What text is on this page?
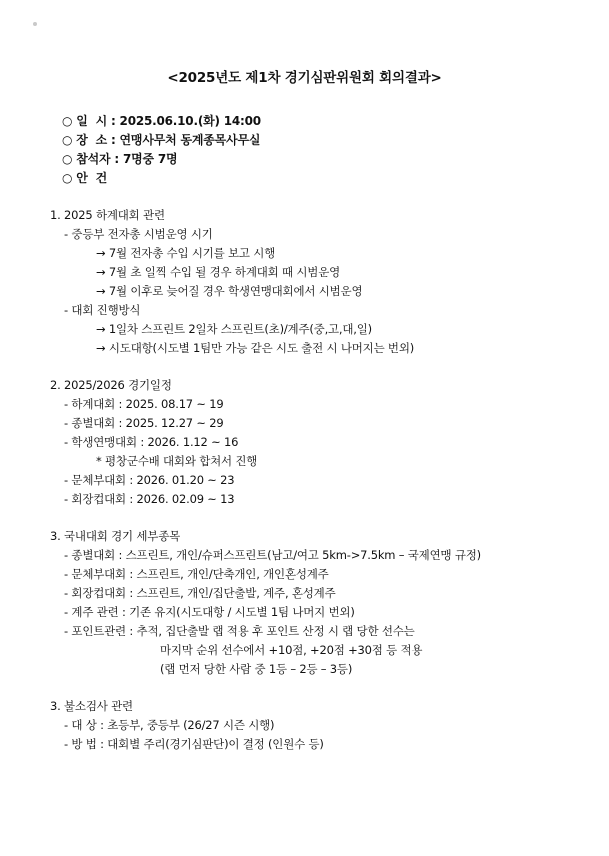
<2025년도 제1차 경기심판위원회 회의결과>
○ 일  시 : 2025.06.10.(화) 14:00
○ 장  소 : 연맹사무처 동계종목사무실
○ 참석자 : 7명중 7명
○ 안  건
1. 2025 하계대회 관련
- 중등부 전자총 시범운영 시기
→ 7월 전자총 수입 시기를 보고 시행
→ 7월 초 일찍 수입 될 경우 하계대회 때 시범운영
→ 7월 이후로 늦어질 경우 학생연맹대회에서 시범운영
- 대회 진행방식
→ 1일차 스프린트 2일차 스프린트(초)/계주(중,고,대,일)
→ 시도대항(시도별 1팀만 가능 같은 시도 출전 시 나머지는 번외)
2. 2025/2026 경기일정
- 하계대회 : 2025. 08.17 ~ 19
- 종별대회 : 2025. 12.27 ~ 29
- 학생연맹대회 : 2026. 1.12 ~ 16
* 평창군수배 대회와 합쳐서 진행
- 문체부대회 : 2026. 01.20 ~ 23
- 회장컵대회 : 2026. 02.09 ~ 13
3. 국내대회 경기 세부종목
- 종별대회 : 스프린트, 개인/슈퍼스프린트(남고/여고 5km->7.5km – 국제연맹 규정)
- 문체부대회 : 스프린트, 개인/단축개인, 개인혼성계주
- 회장컵대회 : 스프린트, 개인/집단출발, 계주, 혼성계주
- 계주 관련 : 기존 유지(시도대항 / 시도별 1팀 나머지 번외)
- 포인트관련 : 추적, 집단출발 랩 적용 후 포인트 산정 시 랩 당한 선수는
마지막 순위 선수에서 +10점, +20점 +30점 등 적용
(랩 먼저 당한 사람 중 1등 – 2등 – 3등)
3. 불소검사 관련
- 대 상 : 초등부, 중등부 (26/27 시즌 시행)
- 방 법 : 대회별 주리(경기심판단)이 결정 (인원수 등)
